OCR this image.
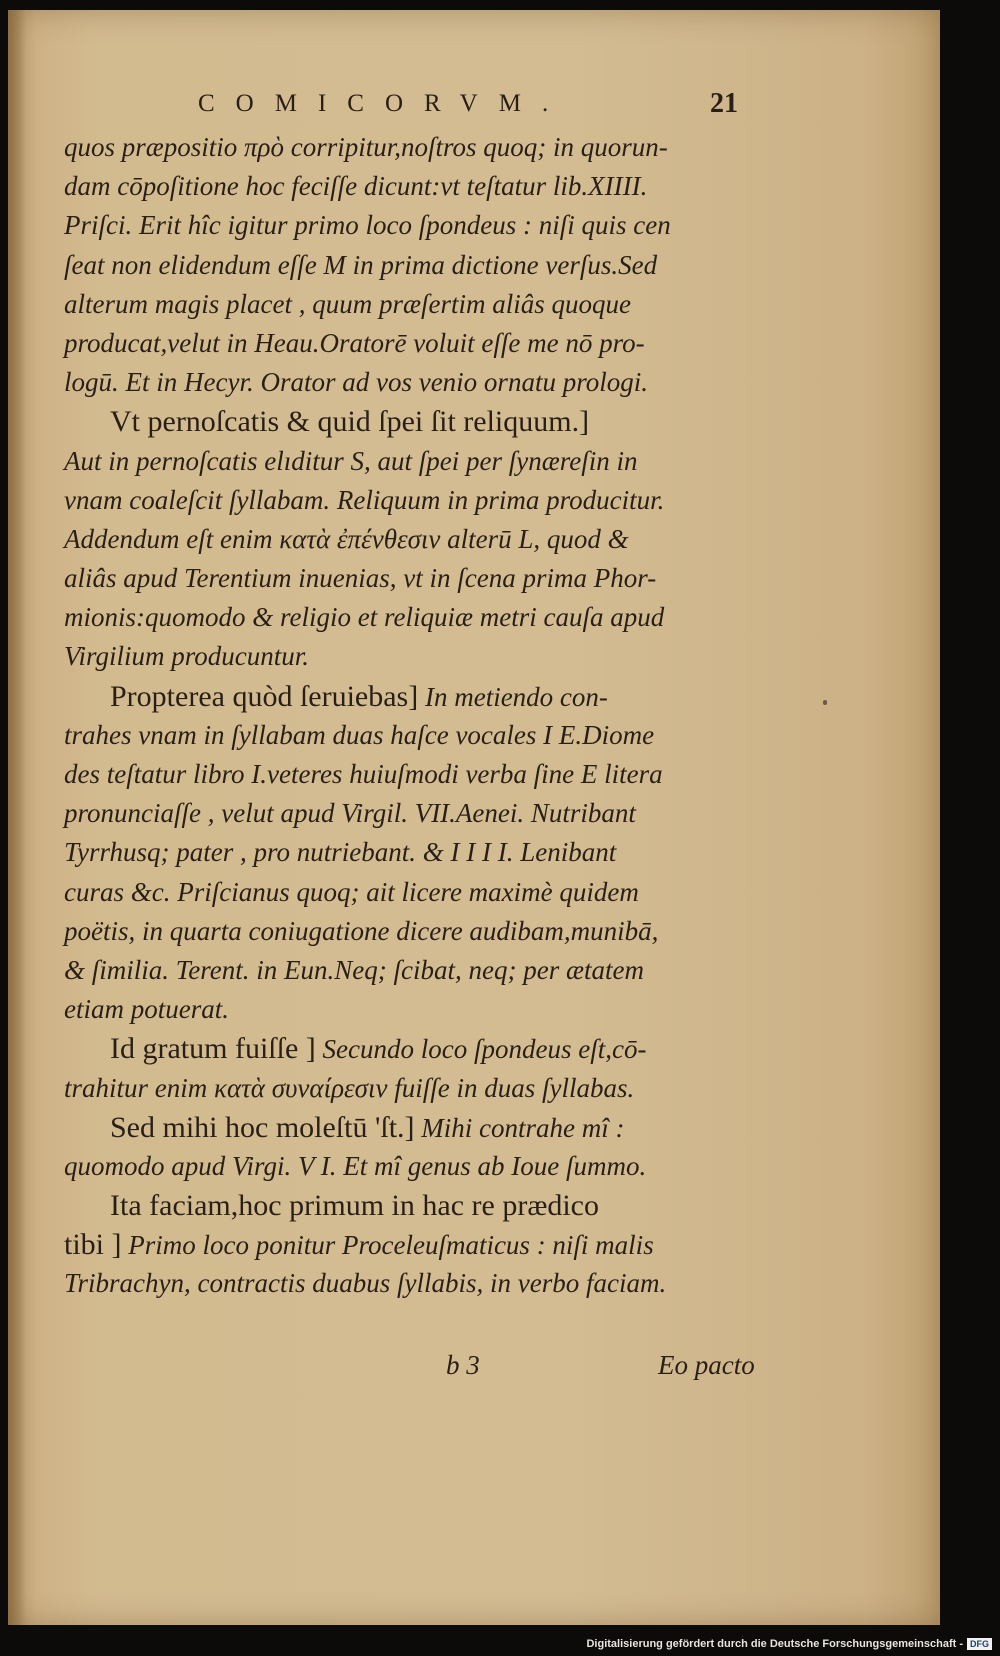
COMICORVM.	21
quos præpositio πρὸ corripitur,noſtros quoq; in quorun-
dam cōpoſitione hoc feciſſe dicunt:vt teſtatur lib.XIIII.
Priſci. Erit hîc igitur primo loco ſpondeus : niſi quis cen
ſeat non elidendum eſſe M in prima dictione verſus.Sed
alterum magis placet , quum præſertim aliâs quoque
producat,velut in Heau.Oratorē voluit eſſe me nō pro-
logū. Et in Hecyr. Orator ad vos venio ornatu prologi.
Vt pernoſcatis & quid ſpei ſit reliquum.]
Aut in pernoſcatis elıditur S, aut ſpei per ſynæreſin in
vnam coaleſcit ſyllabam. Reliquum in prima producitur.
Addendum eſt enim κατὰ ἐπένθεσιν alterū L, quod &
aliâs apud Terentium inuenias, vt in ſcena prima Phor-
mionis:quomodo & religio et reliquiæ metri cauſa apud
Virgilium producuntur.
Propterea quòd ſeruiebas] In metiendo con-
trahes vnam in ſyllabam duas haſce vocales I E.Diome
des teſtatur libro I.veteres huiuſmodi verba ſine E litera
pronunciaſſe , velut apud Virgil. VII.Aenei. Nutribant
Tyrrhusq; pater , pro nutriebant. & I I I I. Lenibant
curas &c. Priſcianus quoq; ait licere maximè quidem
poëtis, in quarta coniugatione dicere audibam,munibā,
& ſimilia. Terent. in Eun.Neq; ſcibat, neq; per ætatem
etiam potuerat.
Id gratum fuiſſe ] Secundo loco ſpondeus eſt,cō-
trahitur enim κατὰ συναίρεσιν fuiſſe in duas ſyllabas.
Sed mihi hoc moleſtū 'ſt.] Mihi contrahe mî :
quomodo apud Virgi. V I. Et mî genus ab Ioue ſummo.
Ita faciam,hoc primum in hac re prædico
tibi ] Primo loco ponitur Proceleuſmaticus : niſi malis
Tribrachyn, contractis duabus ſyllabis, in verbo faciam.
b 3	Eo pacto
Digitalisierung gefördert durch die Deutsche Forschungsgemeinschaft - DFG
